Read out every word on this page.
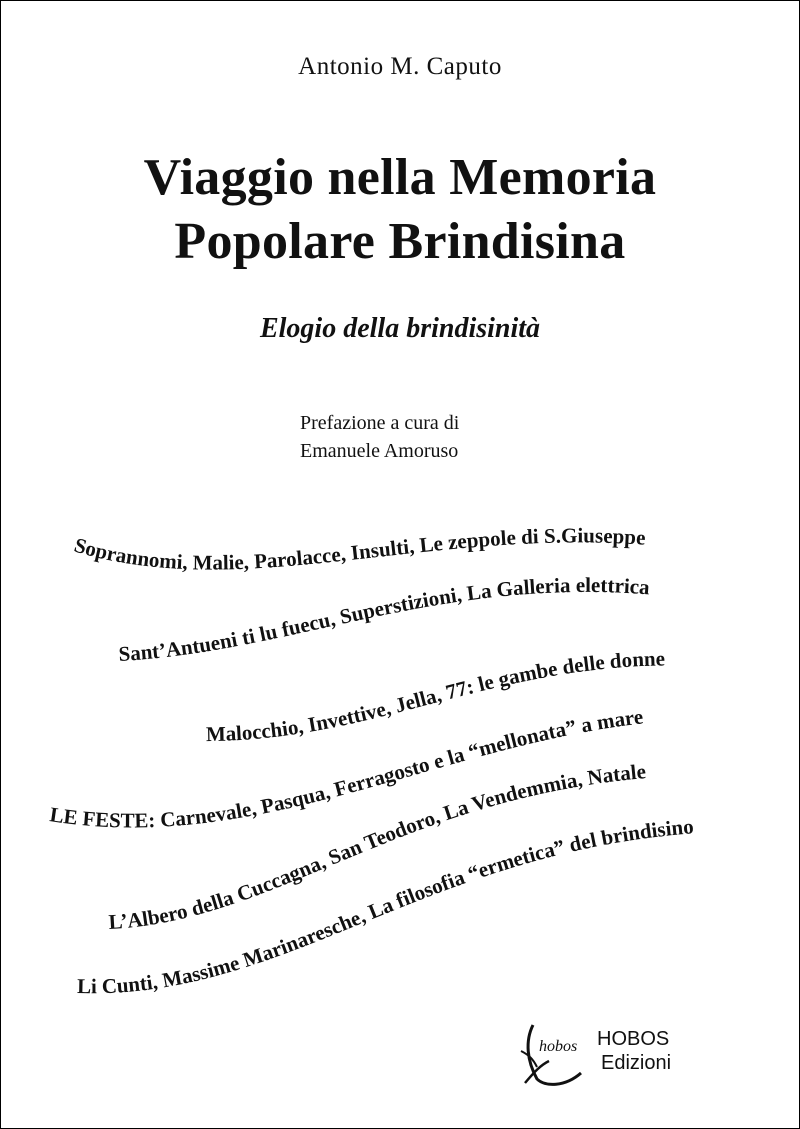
Antonio M. Caputo
Viaggio nella Memoria
Popolare Brindisina
Elogio della brindisinità
Prefazione a cura di
Emanuele Amoruso
Soprannomi, Malie, Parolacce, Insulti, Le zeppole di S.Giuseppe
Sant’Antueni ti lu fuecu, Superstizioni, La Galleria elettrica
Malocchio, Invettive, Jella, 77: le gambe delle donne
LE FESTE: Carnevale, Pasqua, Ferragosto e la “mellonata” a mare
L’Albero della Cuccagna, San Teodoro, La Vendemmia, Natale
Li Cunti, Massime Marinaresche, La filosofia “ermetica” del brindisino
hobos HOBOS
Edizioni
